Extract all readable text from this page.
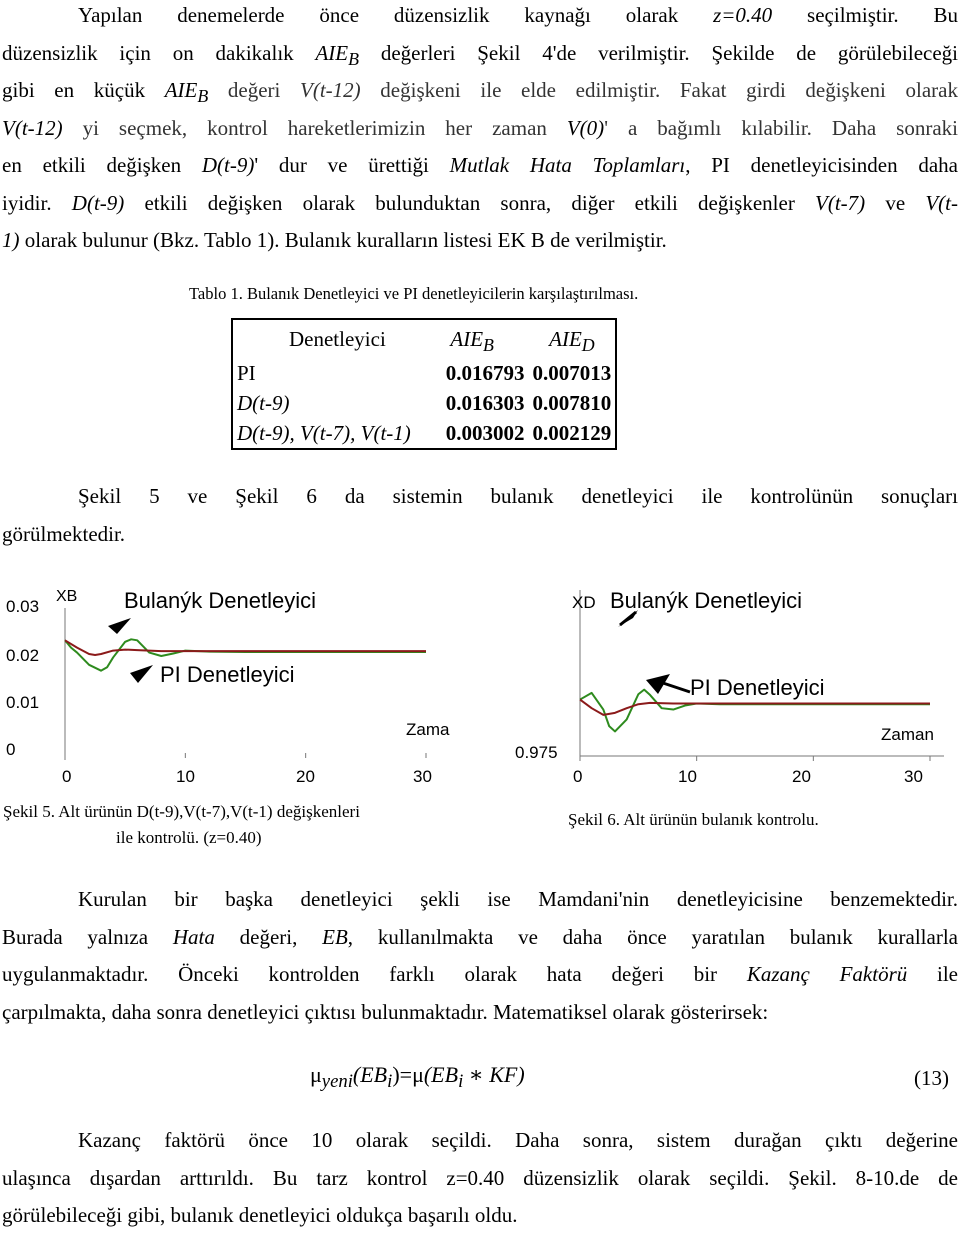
Yapılan denemelerde önce düzensizlik kaynağı olarak z=0.40 seçilmiştir. Bu
düzensizlik için on dakikalık AIEB değerleri Şekil 4'de verilmiştir. Şekilde de görülebileceği
gibi en küçük AIEB değeri V(t-12) değişkeni ile elde edilmiştir. Fakat girdi değişkeni olarak
V(t-12) yi seçmek, kontrol hareketlerimizin her zaman V(0)' a bağımlı kılabilir. Daha sonraki
en etkili değişken D(t-9)' dur ve ürettiği Mutlak Hata Toplamları, PI denetleyicisinden daha
iyidir. D(t-9) etkili değişken olarak bulunduktan sonra, diğer etkili değişkenler V(t-7) ve V(t-
1) olarak bulunur (Bkz. Tablo 1). Bulanık kuralların listesi EK B de verilmiştir.
Tablo 1. Bulanık Denetleyici ve PI denetleyicilerin karşılaştırılması.
Denetleyici	AIEB	AIED
PI	0.016793	0.007013
D(t-9)	0.016303	0.007810
D(t-9), V(t-7), V(t-1)	0.003002	0.002129
Şekil 5 ve Şekil 6 da sistemin bulanık denetleyici ile kontrolünün sonuçları
görülmektedir.
XB
0.03
0.02
0.01
0
0	10	20	30
Zama
Bulanýk Denetleyici
PI Denetleyici
Şekil 5. Alt ürünün D(t-9),V(t-7),V(t-1) değişkenleri
ile kontrolü. (z=0.40)
XD
0.975
0	10	20	30
Zaman
Bulanýk Denetleyici
PI Denetleyici
Şekil 6. Alt ürünün bulanık kontrolu.
Kurulan bir başka denetleyici şekli ise Mamdani'nin denetleyicisine benzemektedir.
Burada yalnıza Hata değeri, EB, kullanılmakta ve daha önce yaratılan bulanık kurallarla
uygulanmaktadır. Önceki kontrolden farklı olarak hata değeri bir Kazanç Faktörü ile
çarpılmakta, daha sonra denetleyici çıktısı bulunmaktadır. Matematiksel olarak gösterirsek:
$\mu_{yeni}(EB_i)=\mu(EB_i$ ∗ KF)	(13)
Kazanç faktörü önce 10 olarak seçildi. Daha sonra, sistem durağan çıktı değerine
ulaşınca dışardan arttırıldı. Bu tarz kontrol z=0.40 düzensizlik olarak seçildi. Şekil. 8-10.de de
görülebileceği gibi, bulanık denetleyici oldukça başarılı oldu.
